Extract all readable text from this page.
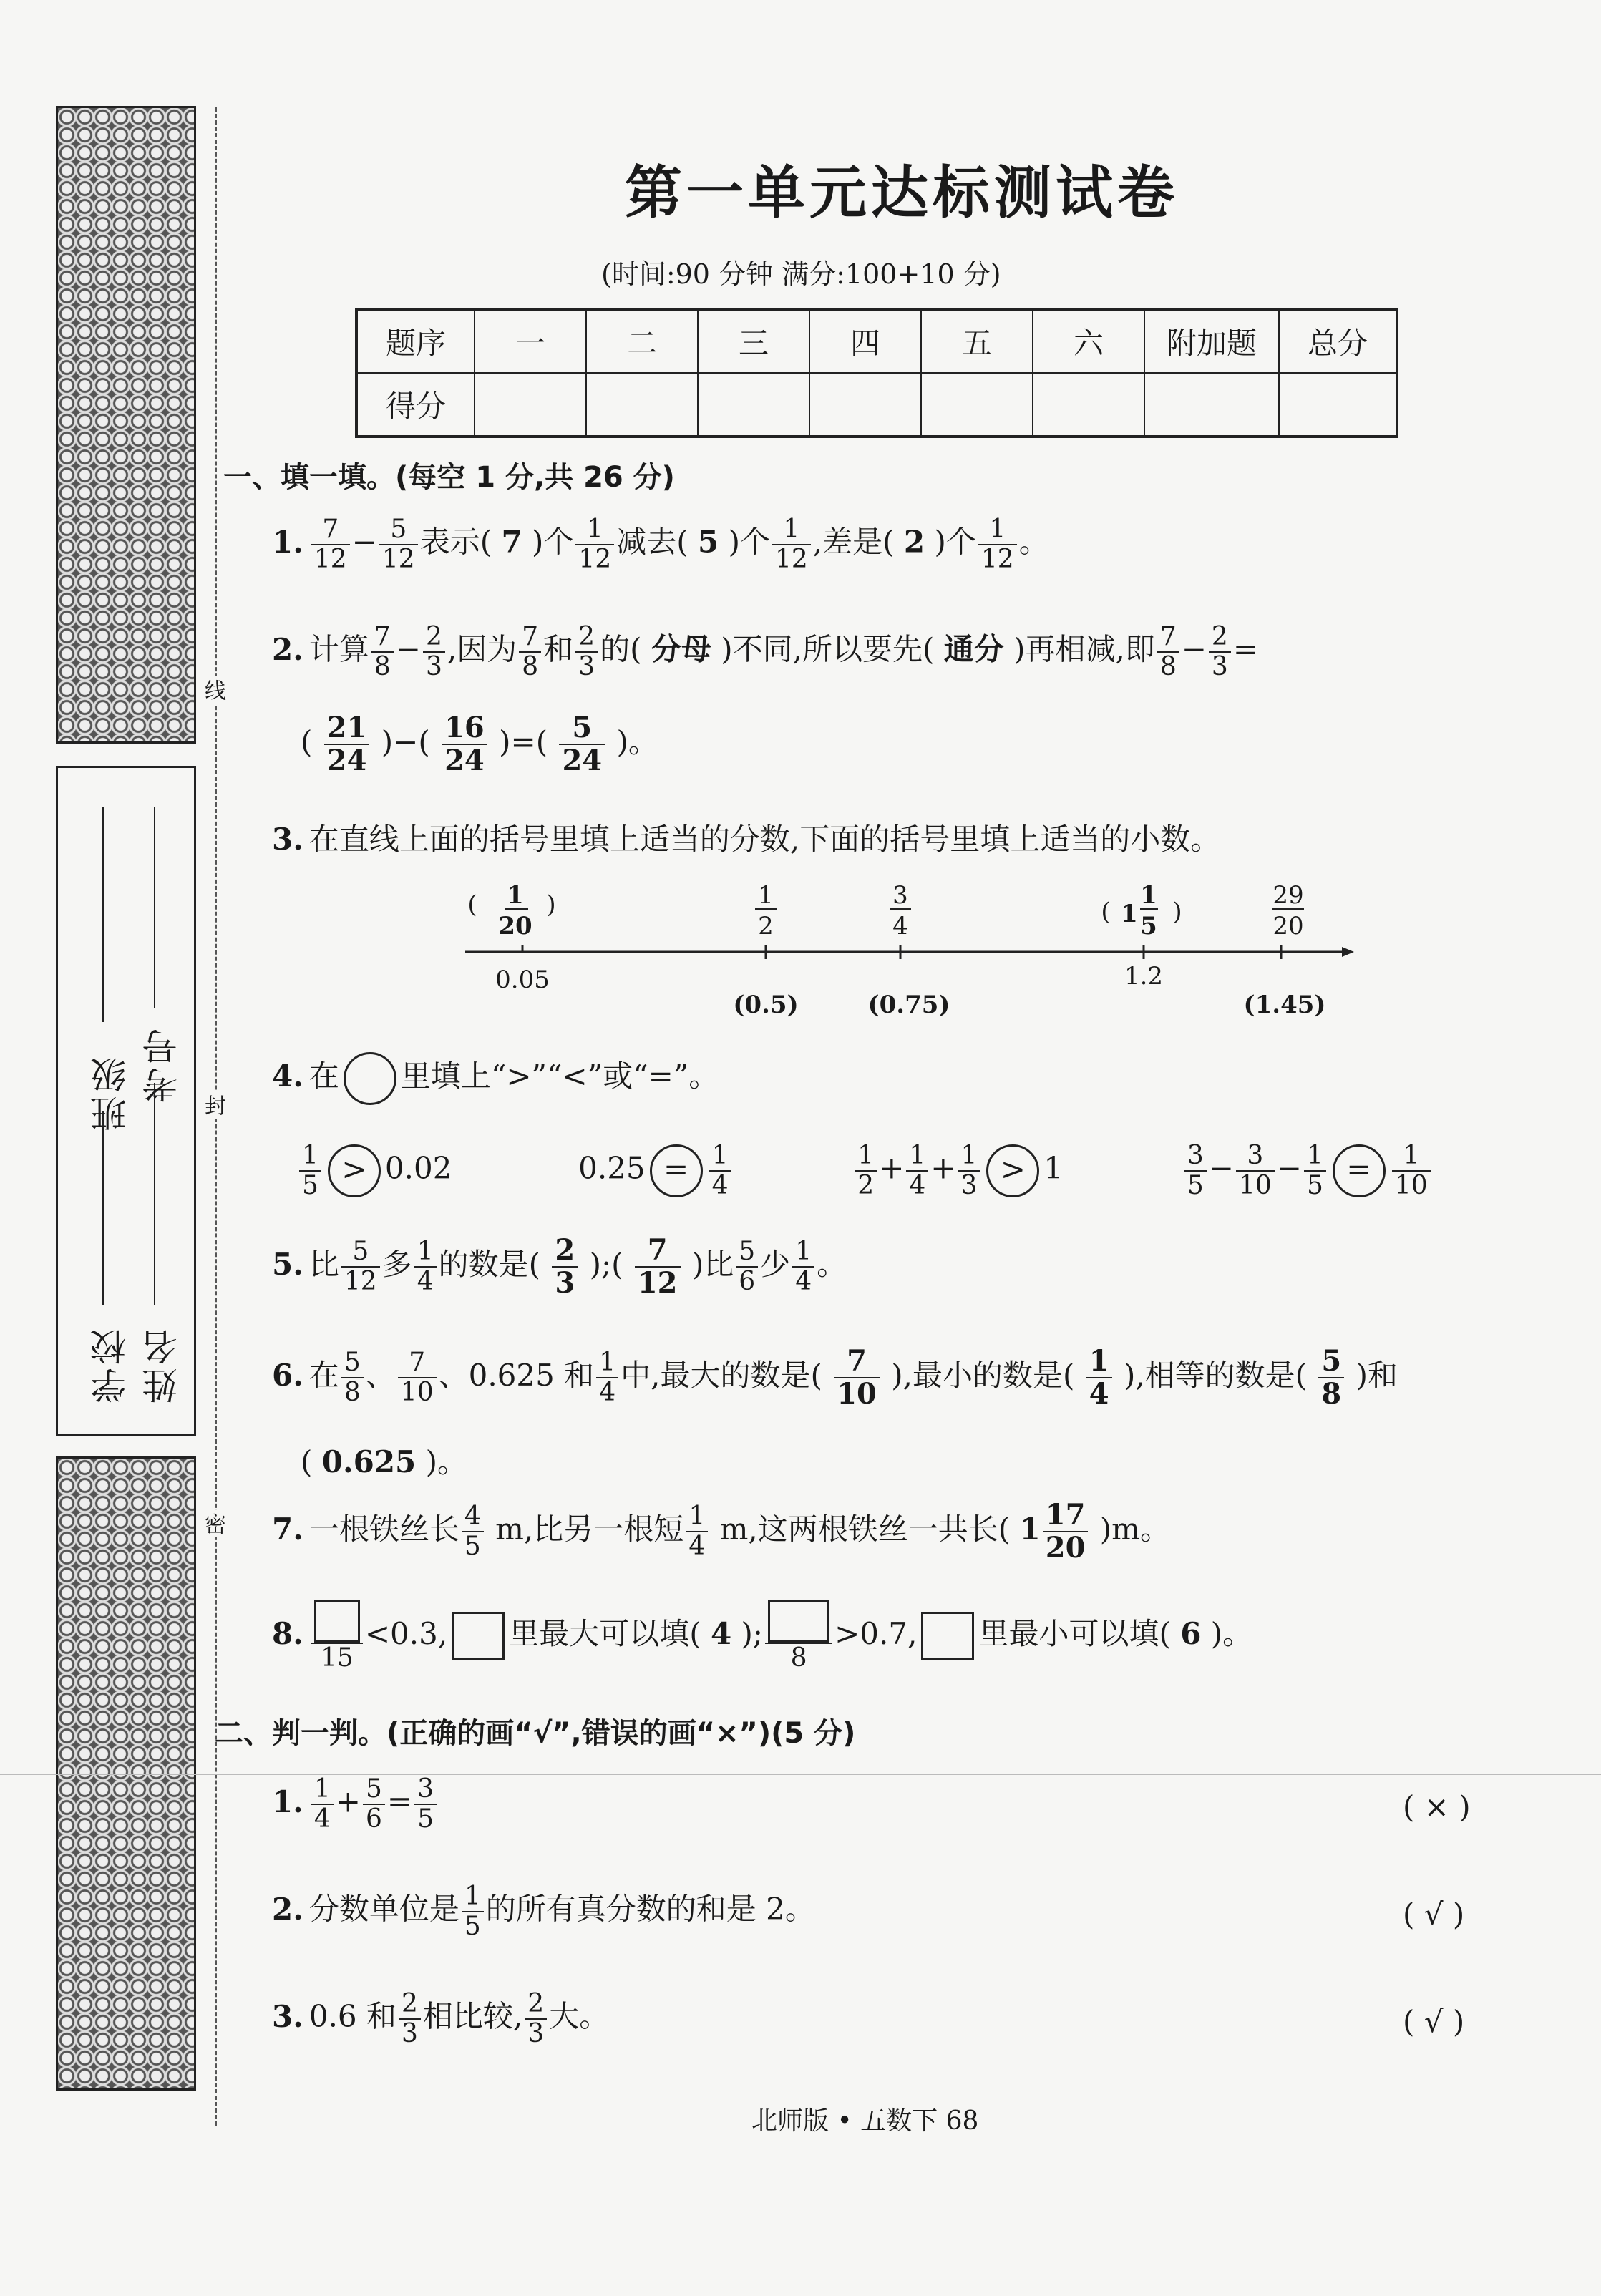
线
封
密
班级 考号
学校 姓名
第一单元达标测试卷
(时间:90 分钟 满分:100+10 分)
题序	一	二	三	四	五	六	附加题	总分
得分								
一、填一填。(每空 1 分,共 26 分)
1. $\frac{7}{12} - \frac{5}{12}$ 表示( 7 )个 $\frac{1}{12}$ 减去( 5 )个 $\frac{1}{12}$ ,差是( 2 )个 $\frac{1}{12}$ 。
2. 计算 $\frac{7}{8} - \frac{2}{3}$ ,因为 $\frac{7}{8}$ 和 $\frac{2}{3}$ 的( 分母 )不同,所以要先( 通分 )再相减,即 $\frac{7}{8} - \frac{2}{3}$ =
( $\frac{21}{24}$ )−( $\frac{16}{24}$ )=( $\frac{5}{24}$ )。
3. 在直线上面的括号里填上适当的分数,下面的括号里填上适当的小数。
( 1
20
)	1
2
3
4	( 1
1
5 )
29
20
0.05
(0.5)	(0.75)
1.2
(1.45)
4. 在 里填上“>”“<”或“=”。
$\frac{1}{5} > 0.02$	$0.25 = \frac{1}{4}$
	$\frac{1}{2} + \frac{1}{4} + \frac{1}{3} > 1$	$\frac{3}{5} - \frac{3}{10} - \frac{1}{5} = \frac{1}{10}$
5. 比 $\frac{5}{12}$ 多 $\frac{1}{4}$ 的数是( $\frac{2}{3}$ );( $\frac{7}{12}$ )比 $\frac{5}{6}$ 少 $\frac{1}{4}$ 。
6. 在 $\frac{5}{8}$ 、 $\frac{7}{10}$ 、0.625 和 $\frac{1}{4}$ 中,最大的数是( $\frac{7}{10}$ ),最小的数是( $\frac{1}{4}$ ),相等的数是( $\frac{5}{8}$ )和
( 0.625 )。
7. 一根铁丝长 $\frac{4}{5} m$,比另一根短 $\frac{1}{4} m$,这两根铁丝一共长( $1 \frac{17}{20} )m$。
8.
15
<0.3, 里最大可以填( 4 );
8
>0.7, 里最小可以填( 6 )。
二、判一判。(正确的画“√”,错误的画“×”)(5 分)
1. $\frac{1}{4} + \frac{5}{6} = \frac{3}{5}$	( × )
2. 分数单位是 $\frac{1}{5}$ 的所有真分数的和是 2。	( √ )
3. 0.6 和 $\frac{2}{3}$ 相比较, $\frac{2}{3}$ 大。	( √ )
北师版 • 五数下 68
